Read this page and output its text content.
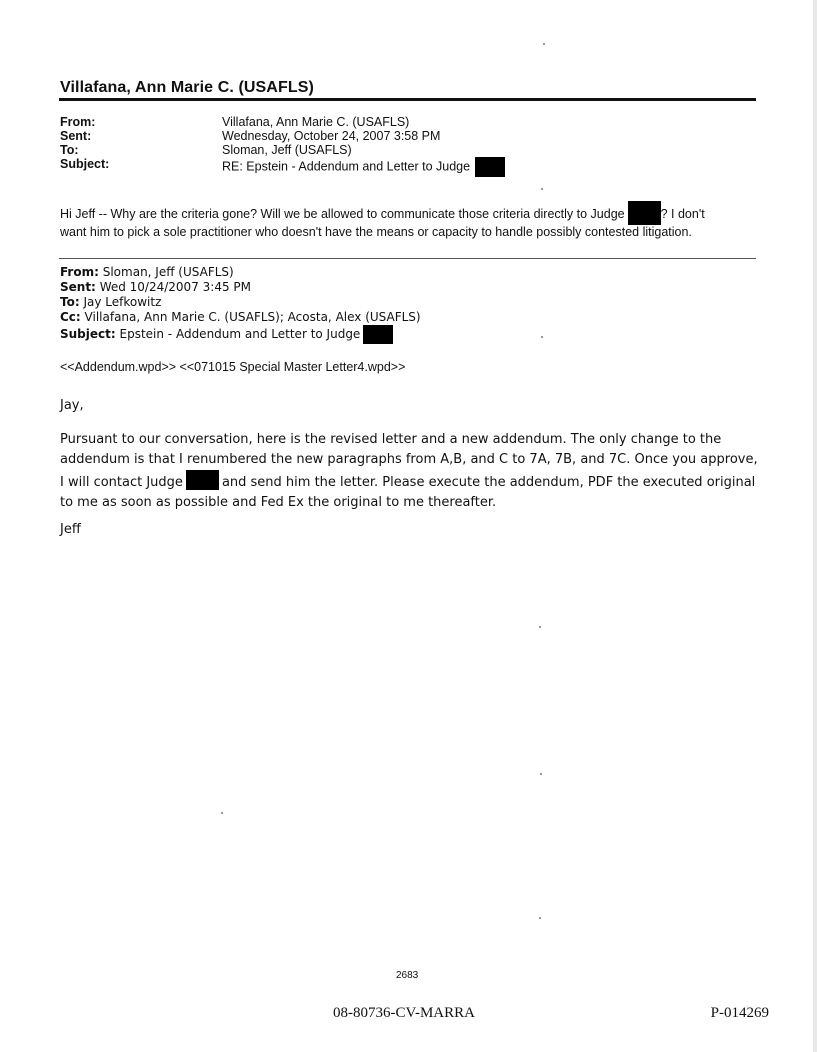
Villafana, Ann Marie C. (USAFLS)
From:	Villafana, Ann Marie C. (USAFLS)
Sent:	Wednesday, October 24, 2007 3:58 PM
To:	Sloman, Jeff (USAFLS)
Subject:	RE: Epstein - Addendum and Letter to Judge
Hi Jeff -- Why are the criteria gone? Will we be allowed to communicate those criteria directly to Judge	? I don't
want him to pick a sole practitioner who doesn't have the means or capacity to handle possibly contested litigation.
From: Sloman, Jeff (USAFLS)
Sent: Wed 10/24/2007 3:45 PM
To: Jay Lefkowitz
Cc: Villafana, Ann Marie C. (USAFLS); Acosta, Alex (USAFLS)
Subject: Epstein - Addendum and Letter to Judge
<<Addendum.wpd>> <<071015 Special Master Letter4.wpd>>
Jay,
Pursuant to our conversation, here is the revised letter and a new addendum. The only change to the addendum is that I renumbered the new paragraphs from A,B, and C to 7A, 7B, and 7C. Once you approve, I will contact Judge	and send him the letter. Please execute the addendum, PDF the executed original to me as soon as possible and Fed Ex the original to me thereafter.
Jeff
2683
08-80736-CV-MARRA	P-014269
